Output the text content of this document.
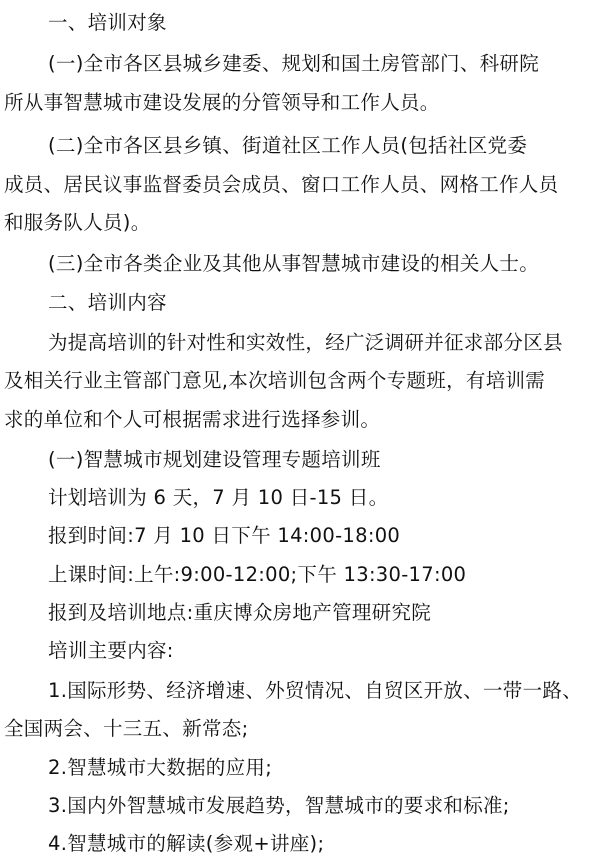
一、培训对象
(一)全市各区县城乡建委、规划和国土房管部门、科研院
所从事智慧城市建设发展的分管领导和工作人员。
(二)全市各区县乡镇、街道社区工作人员(包括社区党委
成员、居民议事监督委员会成员、窗口工作人员、网格工作人员
和服务队人员)。
(三)全市各类企业及其他从事智慧城市建设的相关人士。
二、培训内容
为提高培训的针对性和实效性，经广泛调研并征求部分区县
及相关行业主管部门意见,本次培训包含两个专题班，有培训需
求的单位和个人可根据需求进行选择参训。
(一)智慧城市规划建设管理专题培训班
计划培训为 6 天，7 月 10 日-15 日。
报到时间:7 月 10 日下午 14:00-18:00
上课时间:上午:9:00-12:00;下午 13:30-17:00
报到及培训地点:重庆博众房地产管理研究院
培训主要内容:
1.国际形势、经济增速、外贸情况、自贸区开放、一带一路、
全国两会、十三五、新常态;
2.智慧城市大数据的应用;
3.国内外智慧城市发展趋势，智慧城市的要求和标准;
4.智慧城市的解读(参观+讲座);
